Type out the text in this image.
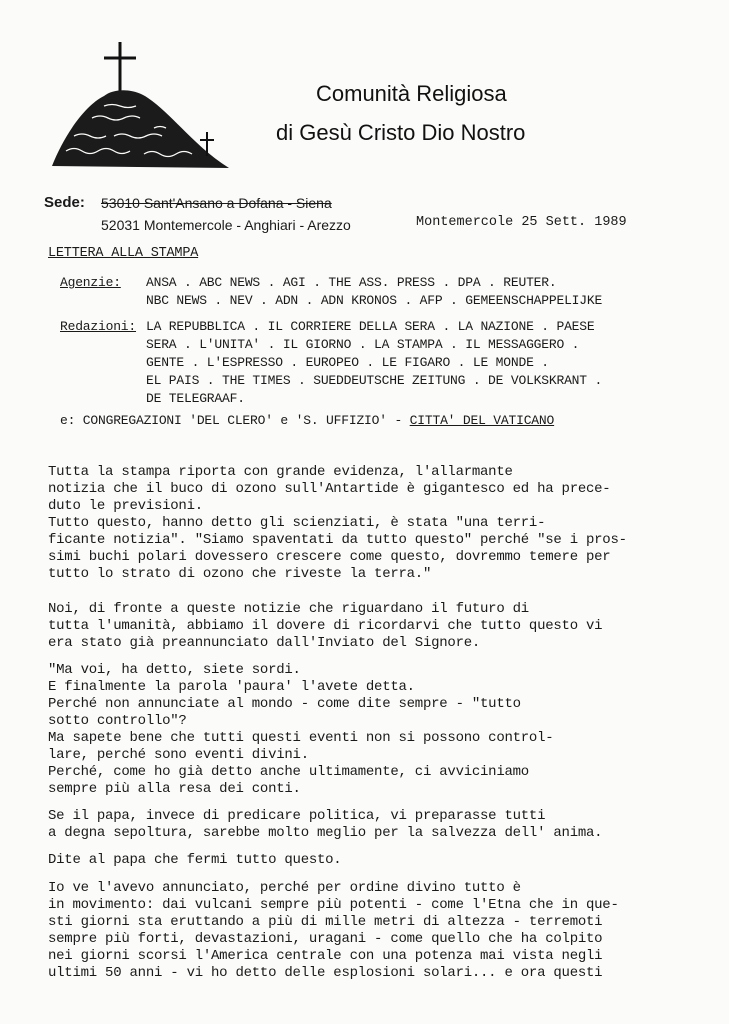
Comunità Religiosa
di Gesù Cristo Dio Nostro
Sede: 53010 Sant'Ansano a Dofana - Siena
52031 Montemercole - Anghiari - Arezzo	Montemercole 25 Sett. 1989
LETTERA ALLA STAMPA
Agenzie: ANSA . ABC NEWS . AGI . THE ASS. PRESS . DPA . REUTER.
NBC NEWS . NEV . ADN . ADN KRONOS . AFP . GEMEENSCHAPPELIJKE
Redazioni: LA REPUBBLICA . IL CORRIERE DELLA SERA . LA NAZIONE . PAESE
SERA . L'UNITA' . IL GIORNO . LA STAMPA . IL MESSAGGERO .
GENTE . L'ESPRESSO . EUROPEO . LE FIGARO . LE MONDE .
EL PAIS . THE TIMES . SUEDDEUTSCHE ZEITUNG . DE VOLKSKRANT .
DE TELEGRAAF.
e: CONGREGAZIONI 'DEL CLERO' e 'S. UFFIZIO' - CITTA' DEL VATICANO
Tutta la stampa riporta con grande evidenza, l'allarmante
notizia che il buco di ozono sull'Antartide è gigantesco ed ha prece-
duto le previsioni.
Tutto questo, hanno detto gli scienziati, è stata "una terri-
ficante notizia". "Siamo spaventati da tutto questo" perché "se i pros-
simi buchi polari dovessero crescere come questo, dovremmo temere per
tutto lo strato di ozono che riveste la terra."
Noi, di fronte a queste notizie che riguardano il futuro di
tutta l'umanità, abbiamo il dovere di ricordarvi che tutto questo vi
era stato già preannunciato dall'Inviato del Signore.
"Ma voi, ha detto, siete sordi.
E finalmente la parola 'paura' l'avete detta.
Perché non annunciate al mondo - come dite sempre - "tutto
sotto controllo"?
Ma sapete bene che tutti questi eventi non si possono control-
lare, perché sono eventi divini.
Perché, come ho già detto anche ultimamente, ci avviciniamo
sempre più alla resa dei conti.
Se il papa, invece di predicare politica, vi preparasse tutti
a degna sepoltura, sarebbe molto meglio per la salvezza dell' anima.
Dite al papa che fermi tutto questo.
Io ve l'avevo annunciato, perché per ordine divino tutto è
in movimento: dai vulcani sempre più potenti - come l'Etna che in que-
sti giorni sta eruttando a più di mille metri di altezza - terremoti
sempre più forti, devastazioni, uragani - come quello che ha colpito
nei giorni scorsi l'America centrale con una potenza mai vista negli
ultimi 50 anni - vi ho detto delle esplosioni solari... e ora questi
